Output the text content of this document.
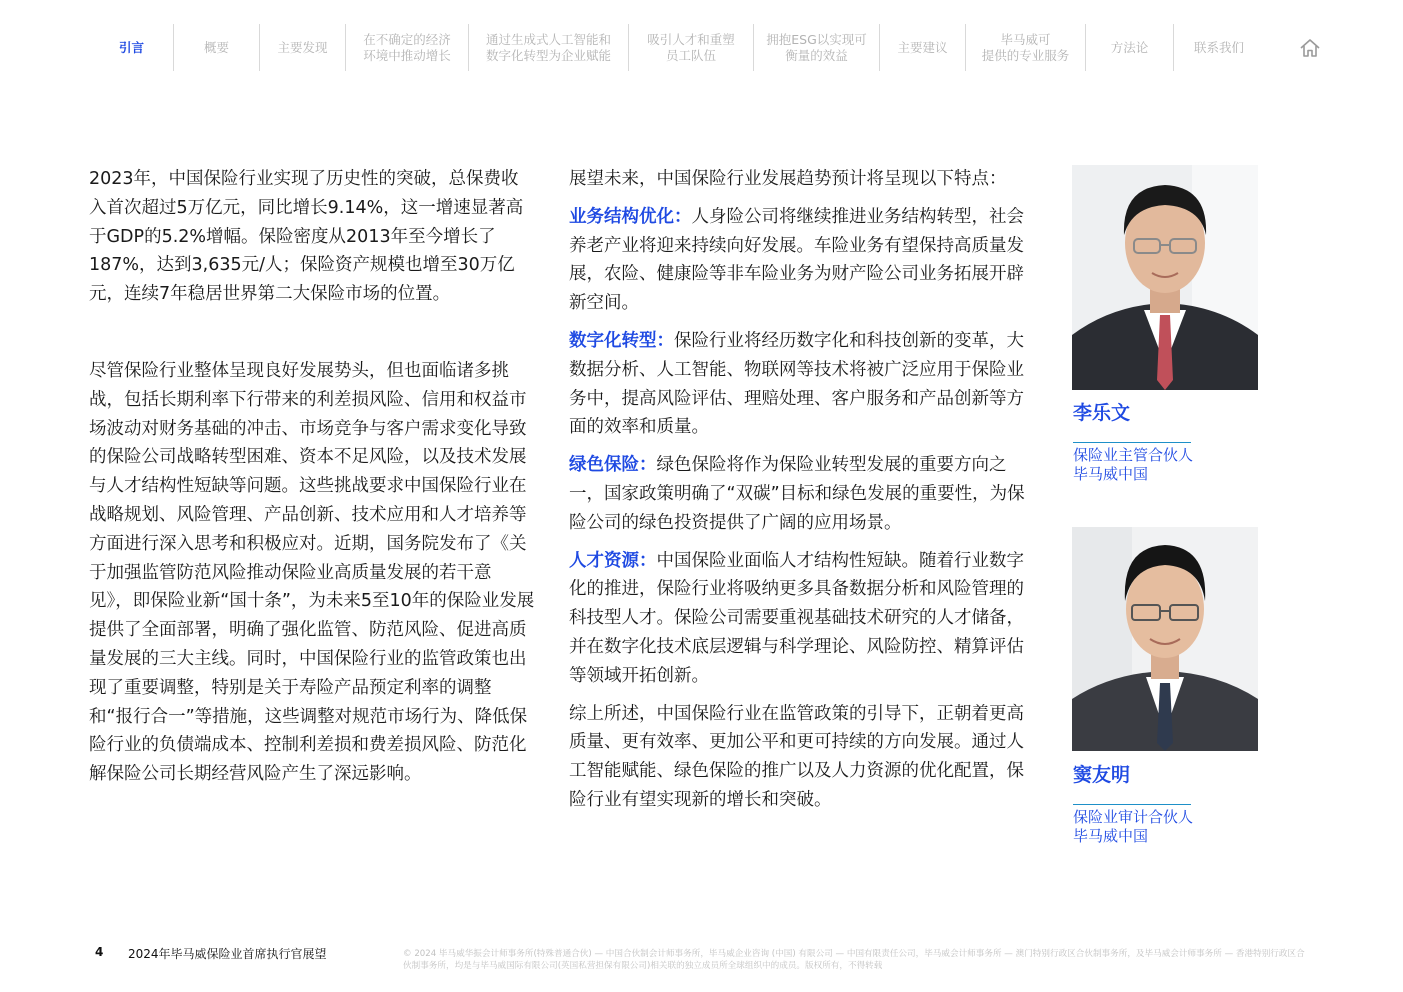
引言	概要	主要发现
在不确定的经济
环境中推动增长
通过生成式人工智能和
数字化转型为企业赋能
吸引人才和重塑
员工队伍
拥抱ESG以实现可
衡量的效益
主要建议
毕马威可
提供的专业服务
方法论	联系我们

2023年，中国保险行业实现了历史性的突破，总保费收入首次超过5万亿元，同比增长9.14%，这一增速显著高于GDP的5.2%增幅。保险密度从2013年至今增长了187%，达到3,635元/人；保险资产规模也增至30万亿元，连续7年稳居世界第二大保险市场的位置。

尽管保险行业整体呈现良好发展势头，但也面临诸多挑战，包括长期利率下行带来的利差损风险、信用和权益市场波动对财务基础的冲击、市场竞争与客户需求变化导致的保险公司战略转型困难、资本不足风险，以及技术发展与人才结构性短缺等问题。这些挑战要求中国保险行业在战略规划、风险管理、产品创新、技术应用和人才培养等方面进行深入思考和积极应对。近期，国务院发布了《关于加强监管防范风险推动保险业高质量发展的若干意见》，即保险业新“国十条”，为未来5至10年的保险业发展提供了全面部署，明确了强化监管、防范风险、促进高质量发展的三大主线。同时，中国保险行业的监管政策也出现了重要调整，特别是关于寿险产品预定利率的调整和“报行合一”等措施，这些调整对规范市场行为、降低保险行业的负债端成本、控制利差损和费差损风险、防范化解保险公司长期经营风险产生了深远影响。

展望未来，中国保险行业发展趋势预计将呈现以下特点：

业务结构优化：人身险公司将继续推进业务结构转型，社会养老产业将迎来持续向好发展。车险业务有望保持高质量发展，农险、健康险等非车险业务为财产险公司业务拓展开辟新空间。

数字化转型：保险行业将经历数字化和科技创新的变革，大数据分析、人工智能、物联网等技术将被广泛应用于保险业务中，提高风险评估、理赔处理、客户服务和产品创新等方面的效率和质量。

绿色保险：绿色保险将作为保险业转型发展的重要方向之一，国家政策明确了“双碳”目标和绿色发展的重要性，为保险公司的绿色投资提供了广阔的应用场景。

人才资源：中国保险业面临人才结构性短缺。随着行业数字化的推进，保险行业将吸纳更多具备数据分析和风险管理的科技型人才。保险公司需要重视基础技术研究的人才储备，并在数字化技术底层逻辑与科学理论、风险防控、精算评估等领域开拓创新。

综上所述，中国保险行业在监管政策的引导下，正朝着更高质量、更有效率、更加公平和更可持续的方向发展。通过人工智能赋能、绿色保险的推广以及人力资源的优化配置，保险行业有望实现新的增长和突破。

李乐文
保险业主管合伙人
毕马威中国
窦友明
保险业审计合伙人
毕马威中国
4 2024年毕马威保险业首席执行官展望	© 2024 毕马威华振会计师事务所(特殊普通合伙) — 中国合伙制会计师事务所，毕马威企业咨询 (中国) 有限公司 — 中国有限责任公司，毕马威会计师事务所 — 澳门特别行政区合伙制事务所，及毕马威会计师事务所 — 香港特别行政区合伙制事务所，均是与毕马威国际有限公司(英国私营担保有限公司)相关联的独立成员所全球组织中的成员。版权所有，不得转载
